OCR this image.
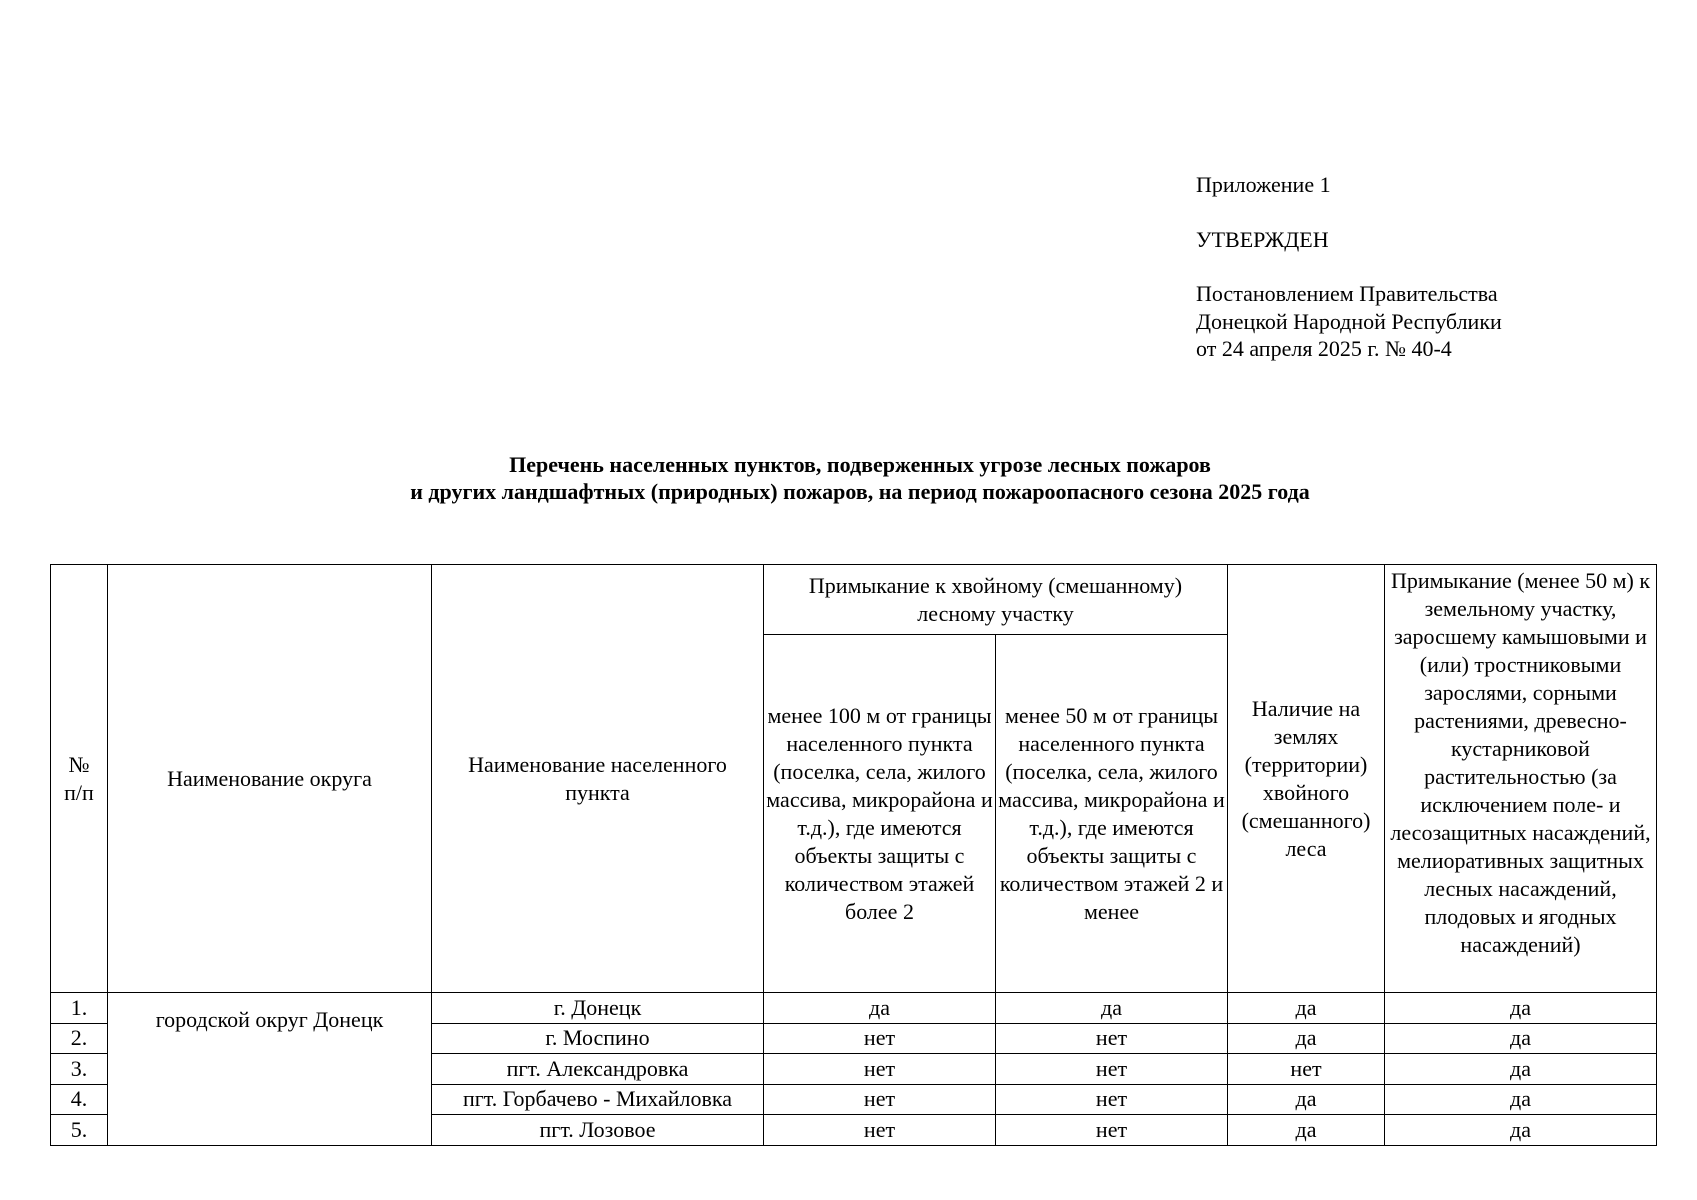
Приложение 1
УТВЕРЖДЕН
Постановлением Правительства
Донецкой Народной Республики
от 24 апреля 2025 г. № 40-4
Перечень населенных пунктов, подверженных угрозе лесных пожаров
и других ландшафтных (природных) пожаров, на период пожароопасного сезона 2025 года
№ п/п	Наименование округа	Наименование населенного пункта	Примыкание к хвойному (смешанному) лесному участку		Наличие на землях (территории) хвойного (смешанного) леса	Примыкание (менее 50 м) к земельному участку, заросшему камышовыми и (или) тростниковыми зарослями, сорными растениями, древесно-кустарниковой растительностью (за исключением поле- и лесозащитных насаждений, мелиоративных защитных лесных насаждений, плодовых и ягодных насаждений)
			менее 100 м от границы населенного пункта (поселка, села, жилого массива, микрорайона и т.д.), где имеются объекты защиты с количеством этажей более 2	менее 50 м от границы населенного пункта (поселка, села, жилого массива, микрорайона и т.д.), где имеются объекты защиты с количеством этажей 2 и менее		
1.	городской округ Донецк	г. Донецк	да	да	да	да
2.		г. Моспино	нет	нет	да	да
3.		пгт. Александровка	нет	нет	нет	да
4.		пгт. Горбачево - Михайловка	нет	нет	да	да
5.		пгт. Лозовое	нет	нет	да	да
